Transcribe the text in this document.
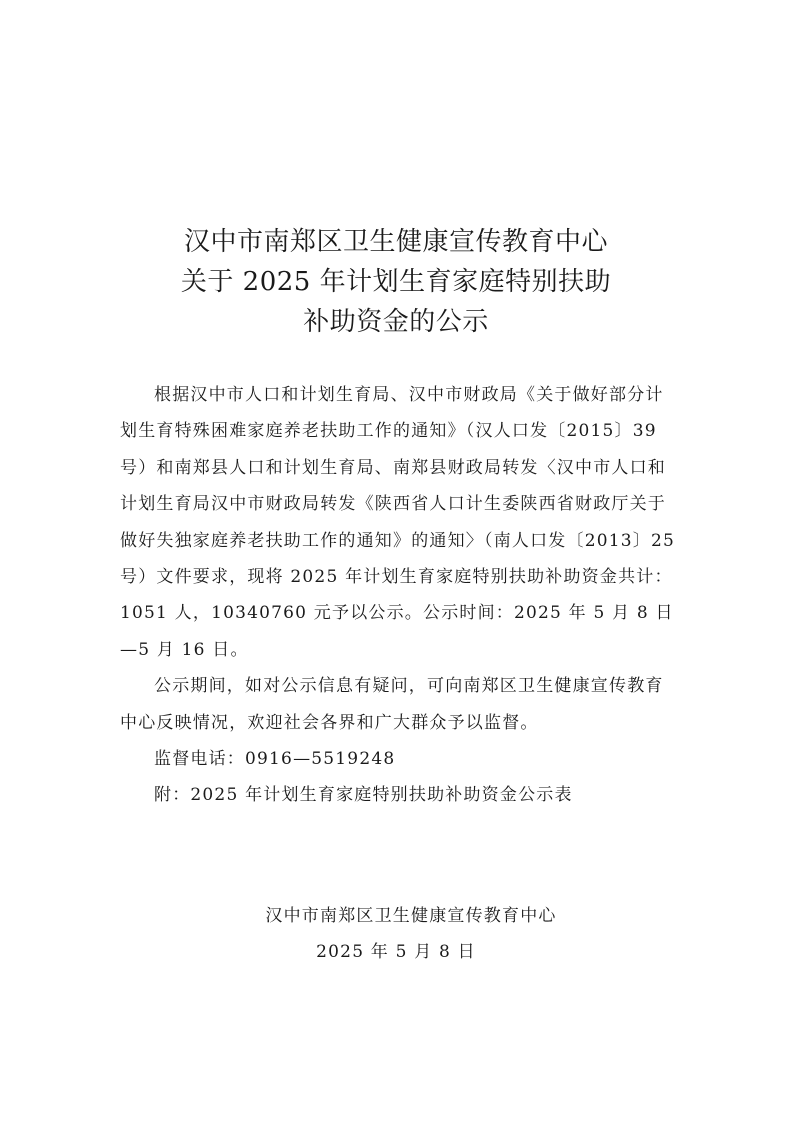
汉中市南郑区卫生健康宣传教育中心
关于 2025 年计划生育家庭特别扶助
补助资金的公示

根据汉中市人口和计划生育局、汉中市财政局《关于做好部分计划生育特殊困难家庭养老扶助工作的通知》（汉人口发〔2015〕39 号）和南郑县人口和计划生育局、南郑县财政局转发〈汉中市人口和计划生育局汉中市财政局转发《陕西省人口计生委陕西省财政厅关于做好失独家庭养老扶助工作的通知》的通知〉（南人口发〔2013〕25 号）文件要求，现将 2025 年计划生育家庭特别扶助补助资金共计：1051 人，10340760 元予以公示。公示时间：2025 年 5 月 8 日—5 月 16 日。

公示期间，如对公示信息有疑问，可向南郑区卫生健康宣传教育中心反映情况，欢迎社会各界和广大群众予以监督。

监督电话：0916—5519248

附：2025 年计划生育家庭特别扶助补助资金公示表

汉中市南郑区卫生健康宣传教育中心
2025 年 5 月 8 日
